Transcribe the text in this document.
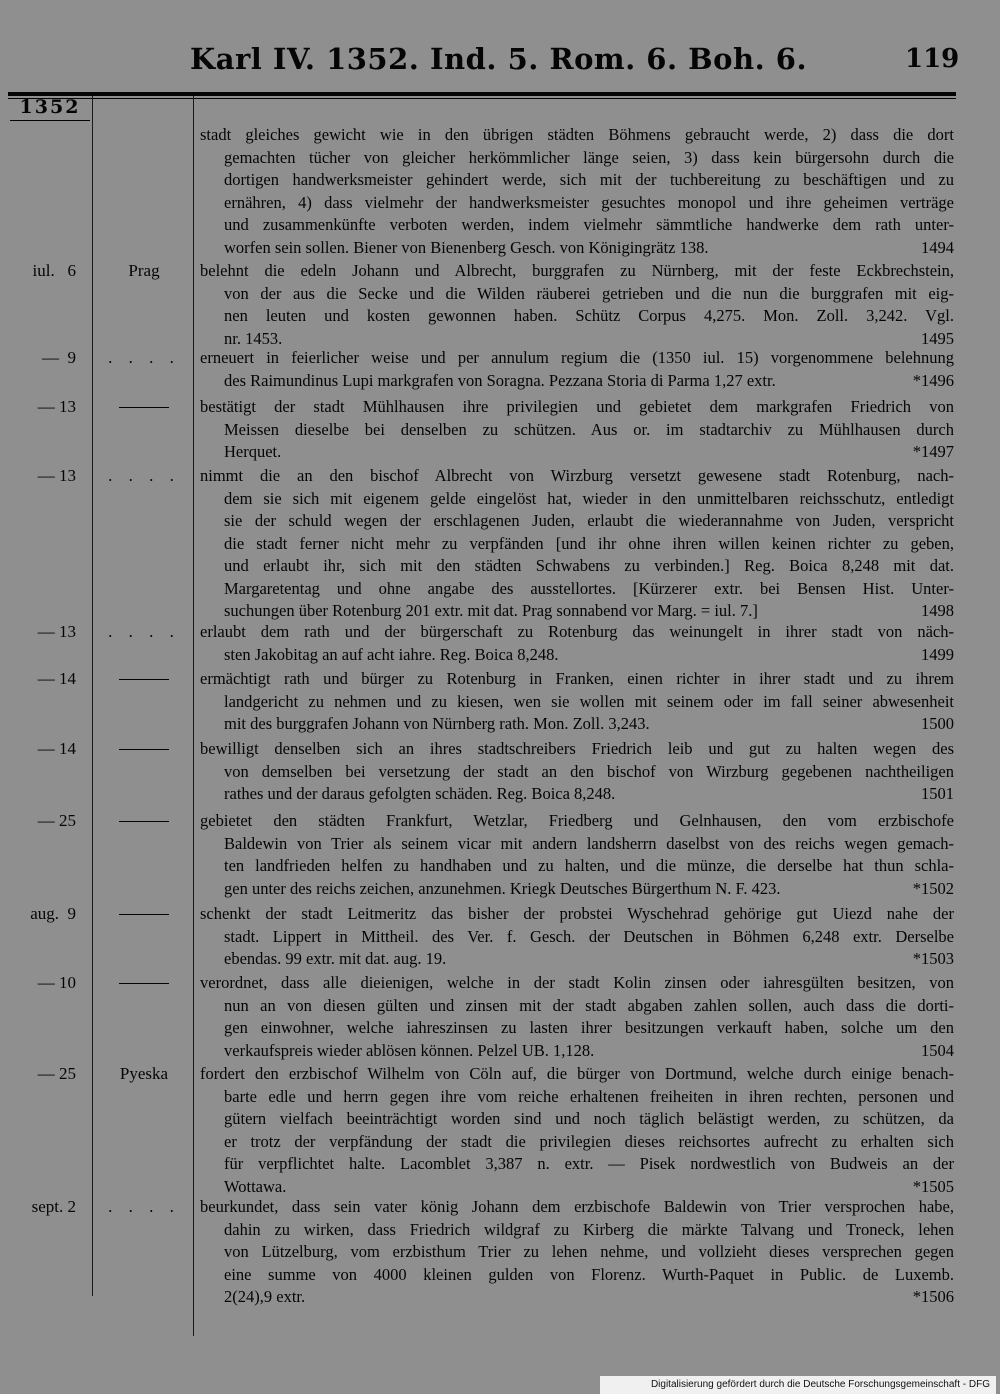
Karl IV. 1352. Ind. 5. Rom. 6. Boh. 6.	119
1352
stadt gleiches gewicht wie in den übrigen städten Böhmens gebraucht werde, 2) dass die dort
gemachten tücher von gleicher herkömmlicher länge seien, 3) dass kein bürgersohn durch die
dortigen handwerksmeister gehindert werde, sich mit der tuchbereitung zu beschäftigen und zu
ernähren, 4) dass vielmehr der handwerksmeister gesuchtes monopol und ihre geheimen verträge
und zusammenkünfte verboten werden, indem vielmehr sämmtliche handwerke dem rath unter-
worfen sein sollen. Biener von Bienenberg Gesch. von Königingrätz 138.	1494
iul.   6	Prag	belehnt die edeln Johann und Albrecht, burggrafen zu Nürnberg, mit der feste Eckbrechstein,
von der aus die Secke und die Wilden räuberei getrieben und die nun die burggrafen mit eig-
nen leuten und kosten gewonnen haben. Schütz Corpus 4,275. Mon. Zoll. 3,242. Vgl.
nr. 1453.	1495
—  9	. . . .	erneuert in feierlicher weise und per annulum regium die (1350 iul. 15) vorgenommene belehnung
des Raimundinus Lupi markgrafen von Soragna. Pezzana Storia di Parma 1,27 extr.	*1496
— 13	bestätigt der stadt Mühlhausen ihre privilegien und gebietet dem markgrafen Friedrich von
Meissen dieselbe bei denselben zu schützen. Aus or. im stadtarchiv zu Mühlhausen durch
Herquet.	*1497
— 13	. . . .	nimmt die an den bischof Albrecht von Wirzburg versetzt gewesene stadt Rotenburg, nach-
dem sie sich mit eigenem gelde eingelöst hat, wieder in den unmittelbaren reichsschutz, entledigt
sie der schuld wegen der erschlagenen Juden, erlaubt die wiederannahme von Juden, verspricht
die stadt ferner nicht mehr zu verpfänden [und ihr ohne ihren willen keinen richter zu geben,
und erlaubt ihr, sich mit den städten Schwabens zu verbinden.] Reg. Boica 8,248 mit dat.
Margaretentag und ohne angabe des ausstellortes. [Kürzerer extr. bei Bensen Hist. Unter-
suchungen über Rotenburg 201 extr. mit dat. Prag sonnabend vor Marg. = iul. 7.]	1498
— 13	. . . .	erlaubt dem rath und der bürgerschaft zu Rotenburg das weinungelt in ihrer stadt von näch-
sten Jakobitag an auf acht iahre. Reg. Boica 8,248.	1499
— 14	ermächtigt rath und bürger zu Rotenburg in Franken, einen richter in ihrer stadt und zu ihrem
landgericht zu nehmen und zu kiesen, wen sie wollen mit seinem oder im fall seiner abwesenheit
mit des burggrafen Johann von Nürnberg rath. Mon. Zoll. 3,243.	1500
— 14	bewilligt denselben sich an ihres stadtschreibers Friedrich leib und gut zu halten wegen des
von demselben bei versetzung der stadt an den bischof von Wirzburg gegebenen nachtheiligen
rathes und der daraus gefolgten schäden. Reg. Boica 8,248.	1501
— 25	gebietet den städten Frankfurt, Wetzlar, Friedberg und Gelnhausen, den vom erzbischofe
Baldewin von Trier als seinem vicar mit andern landsherrn daselbst von des reichs wegen gemach-
ten landfrieden helfen zu handhaben und zu halten, und die münze, die derselbe hat thun schla-
gen unter des reichs zeichen, anzunehmen. Kriegk Deutsches Bürgerthum N. F. 423.	*1502
aug.  9	schenkt der stadt Leitmeritz das bisher der probstei Wyschehrad gehörige gut Uiezd nahe der
stadt. Lippert in Mittheil. des Ver. f. Gesch. der Deutschen in Böhmen 6,248 extr. Derselbe
ebendas. 99 extr. mit dat. aug. 19.	*1503
— 10	verordnet, dass alle dieienigen, welche in der stadt Kolin zinsen oder iahresgülten besitzen, von
nun an von diesen gülten und zinsen mit der stadt abgaben zahlen sollen, auch dass die dorti-
gen einwohner, welche iahreszinsen zu lasten ihrer besitzungen verkauft haben, solche um den
verkaufspreis wieder ablösen können. Pelzel UB. 1,128.	1504
— 25	Pyeska	fordert den erzbischof Wilhelm von Cöln auf, die bürger von Dortmund, welche durch einige benach-
barte edle und herrn gegen ihre vom reiche erhaltenen freiheiten in ihren rechten, personen und
gütern vielfach beeinträchtigt worden sind und noch täglich belästigt werden, zu schützen, da
er trotz der verpfändung der stadt die privilegien dieses reichsortes aufrecht zu erhalten sich
für verpflichtet halte. Lacomblet 3,387 n. extr. — Pisek nordwestlich von Budweis an der
Wottawa.	*1505
sept. 2	. . . .	beurkundet, dass sein vater könig Johann dem erzbischofe Baldewin von Trier versprochen habe,
dahin zu wirken, dass Friedrich wildgraf zu Kirberg die märkte Talvang und Troneck, lehen
von Lützelburg, vom erzbisthum Trier zu lehen nehme, und vollzieht dieses versprechen gegen
eine summe von 4000 kleinen gulden von Florenz. Wurth-Paquet in Public. de Luxemb.
2(24),9 extr.	*1506
Digitalisierung gefördert durch die Deutsche Forschungsgemeinschaft - DFG
